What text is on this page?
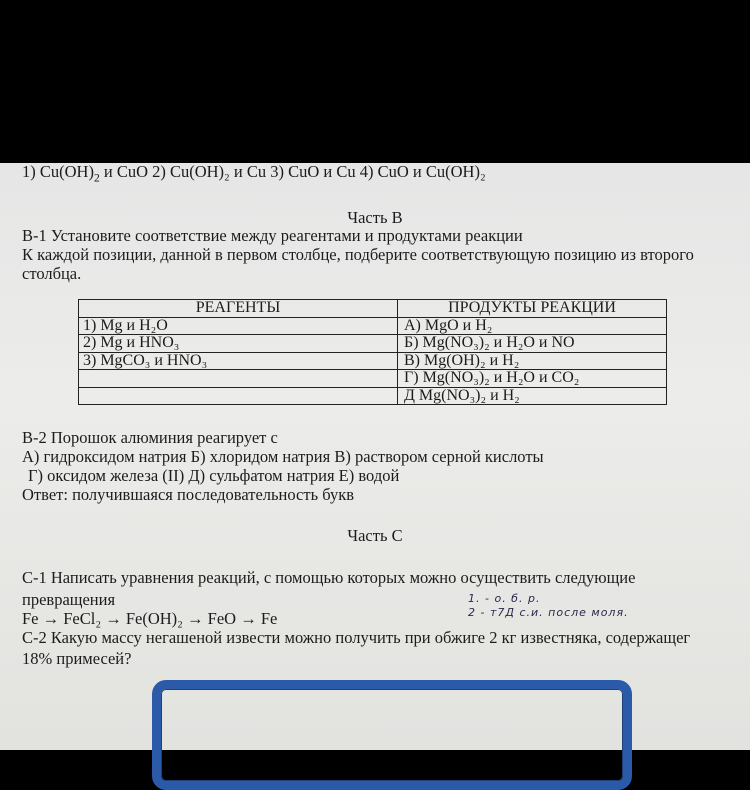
1) $Cu(OH)_2$ и CuO 2) Cu(OH)₂ и Cu 3) CuO и Cu 4) CuO и Cu(OH)₂
Часть В
В-1 Установите соответствие между реагентами и продуктами реакции
К каждой позиции, данной в первом столбце, подберите соответствующую позицию из второго
столбца.
РЕАГЕНТЫ	ПРОДУКТЫ РЕАКЦИИ
1) Mg и H₂O	А) MgO и H₂
2) Mg и HNO₃	Б) Mg(NO₃)₂ и H₂O и NO
3) MgCO₃ и HNO₃	В) Mg(OH)₂ и H₂
	Г) Mg(NO₃)₂ и H₂O и CO₂
	Д Mg(NO₃)₂ и H₂
В-2 Порошок алюминия реагирует с
А) гидроксидом натрия Б) хлоридом натрия В) раствором серной кислоты
Г) оксидом железа (II) Д) сульфатом натрия Е) водой
Ответ: получившаяся последовательность букв
Часть С
С-1 Написать уравнения реакций, с помощью которых можно осуществить следующие
превращения
Fe → FeCl₂ → Fe(OH)₂ → FeO → Fe
С-2 Какую массу негашеной извести можно получить при обжиге 2 кг известняка, содержащег
18% примесей?
1. - о. б. р.
2 - т7Д с.и. после моля.
